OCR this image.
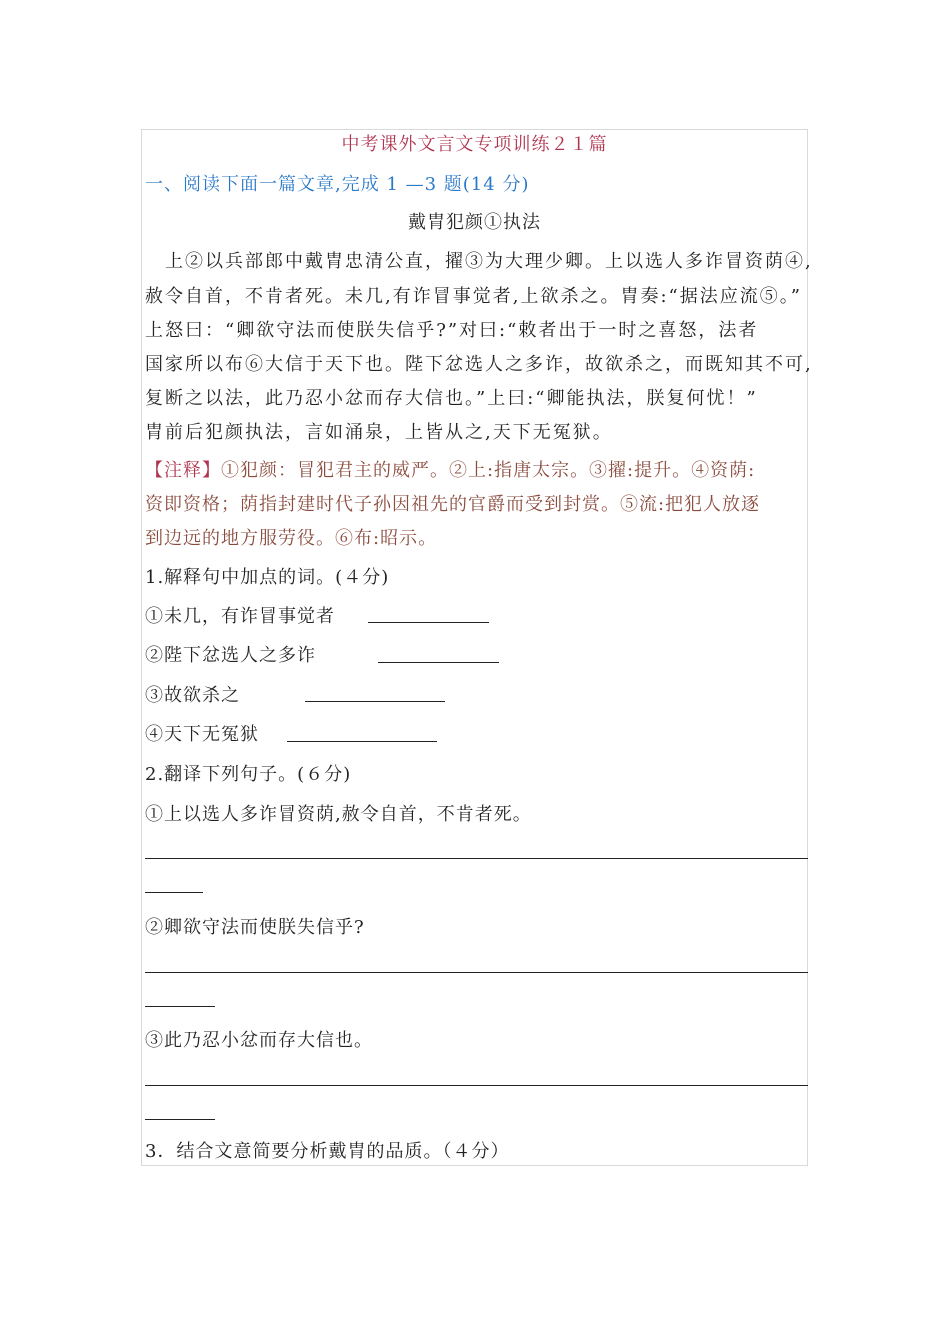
中考课外文言文专项训练２１篇
一、阅读下面一篇文章,完成 1 —3 题(14 分)
戴胄犯颜①执法
　上②以兵部郎中戴胄忠清公直，擢③为大理少卿。上以选人多诈冒资荫④,
赦令自首，不肯者死。未几,有诈冒事觉者,上欲杀之。胄奏:“据法应流⑤。”
上怒曰：“卿欲守法而使朕失信乎?”对曰:“敕者出于一时之喜怒，法者
国家所以布⑥大信于天下也。陛下忿选人之多诈，故欲杀之，而既知其不可,
复断之以法，此乃忍小忿而存大信也。”上曰:“卿能执法，朕复何忧！”
胄前后犯颜执法，言如涌泉，上皆从之,天下无冤狱。
【注释】①犯颜：冒犯君主的威严。②上:指唐太宗。③擢:提升。④资荫:
资即资格；荫指封建时代子孙因祖先的官爵而受到封赏。⑤流:把犯人放逐
到边远的地方服劳役。⑥布:昭示。
1.解释句中加点的词。(４分)
①未几，有诈冒事觉者
②陛下忿选人之多诈
③故欲杀之
④天下无冤狱
2.翻译下列句子。(６分)
①上以选人多诈冒资荫,赦令自首，不肯者死。
②卿欲守法而使朕失信乎?
③此乃忍小忿而存大信也。
3．结合文意简要分析戴胄的品质。（４分）
